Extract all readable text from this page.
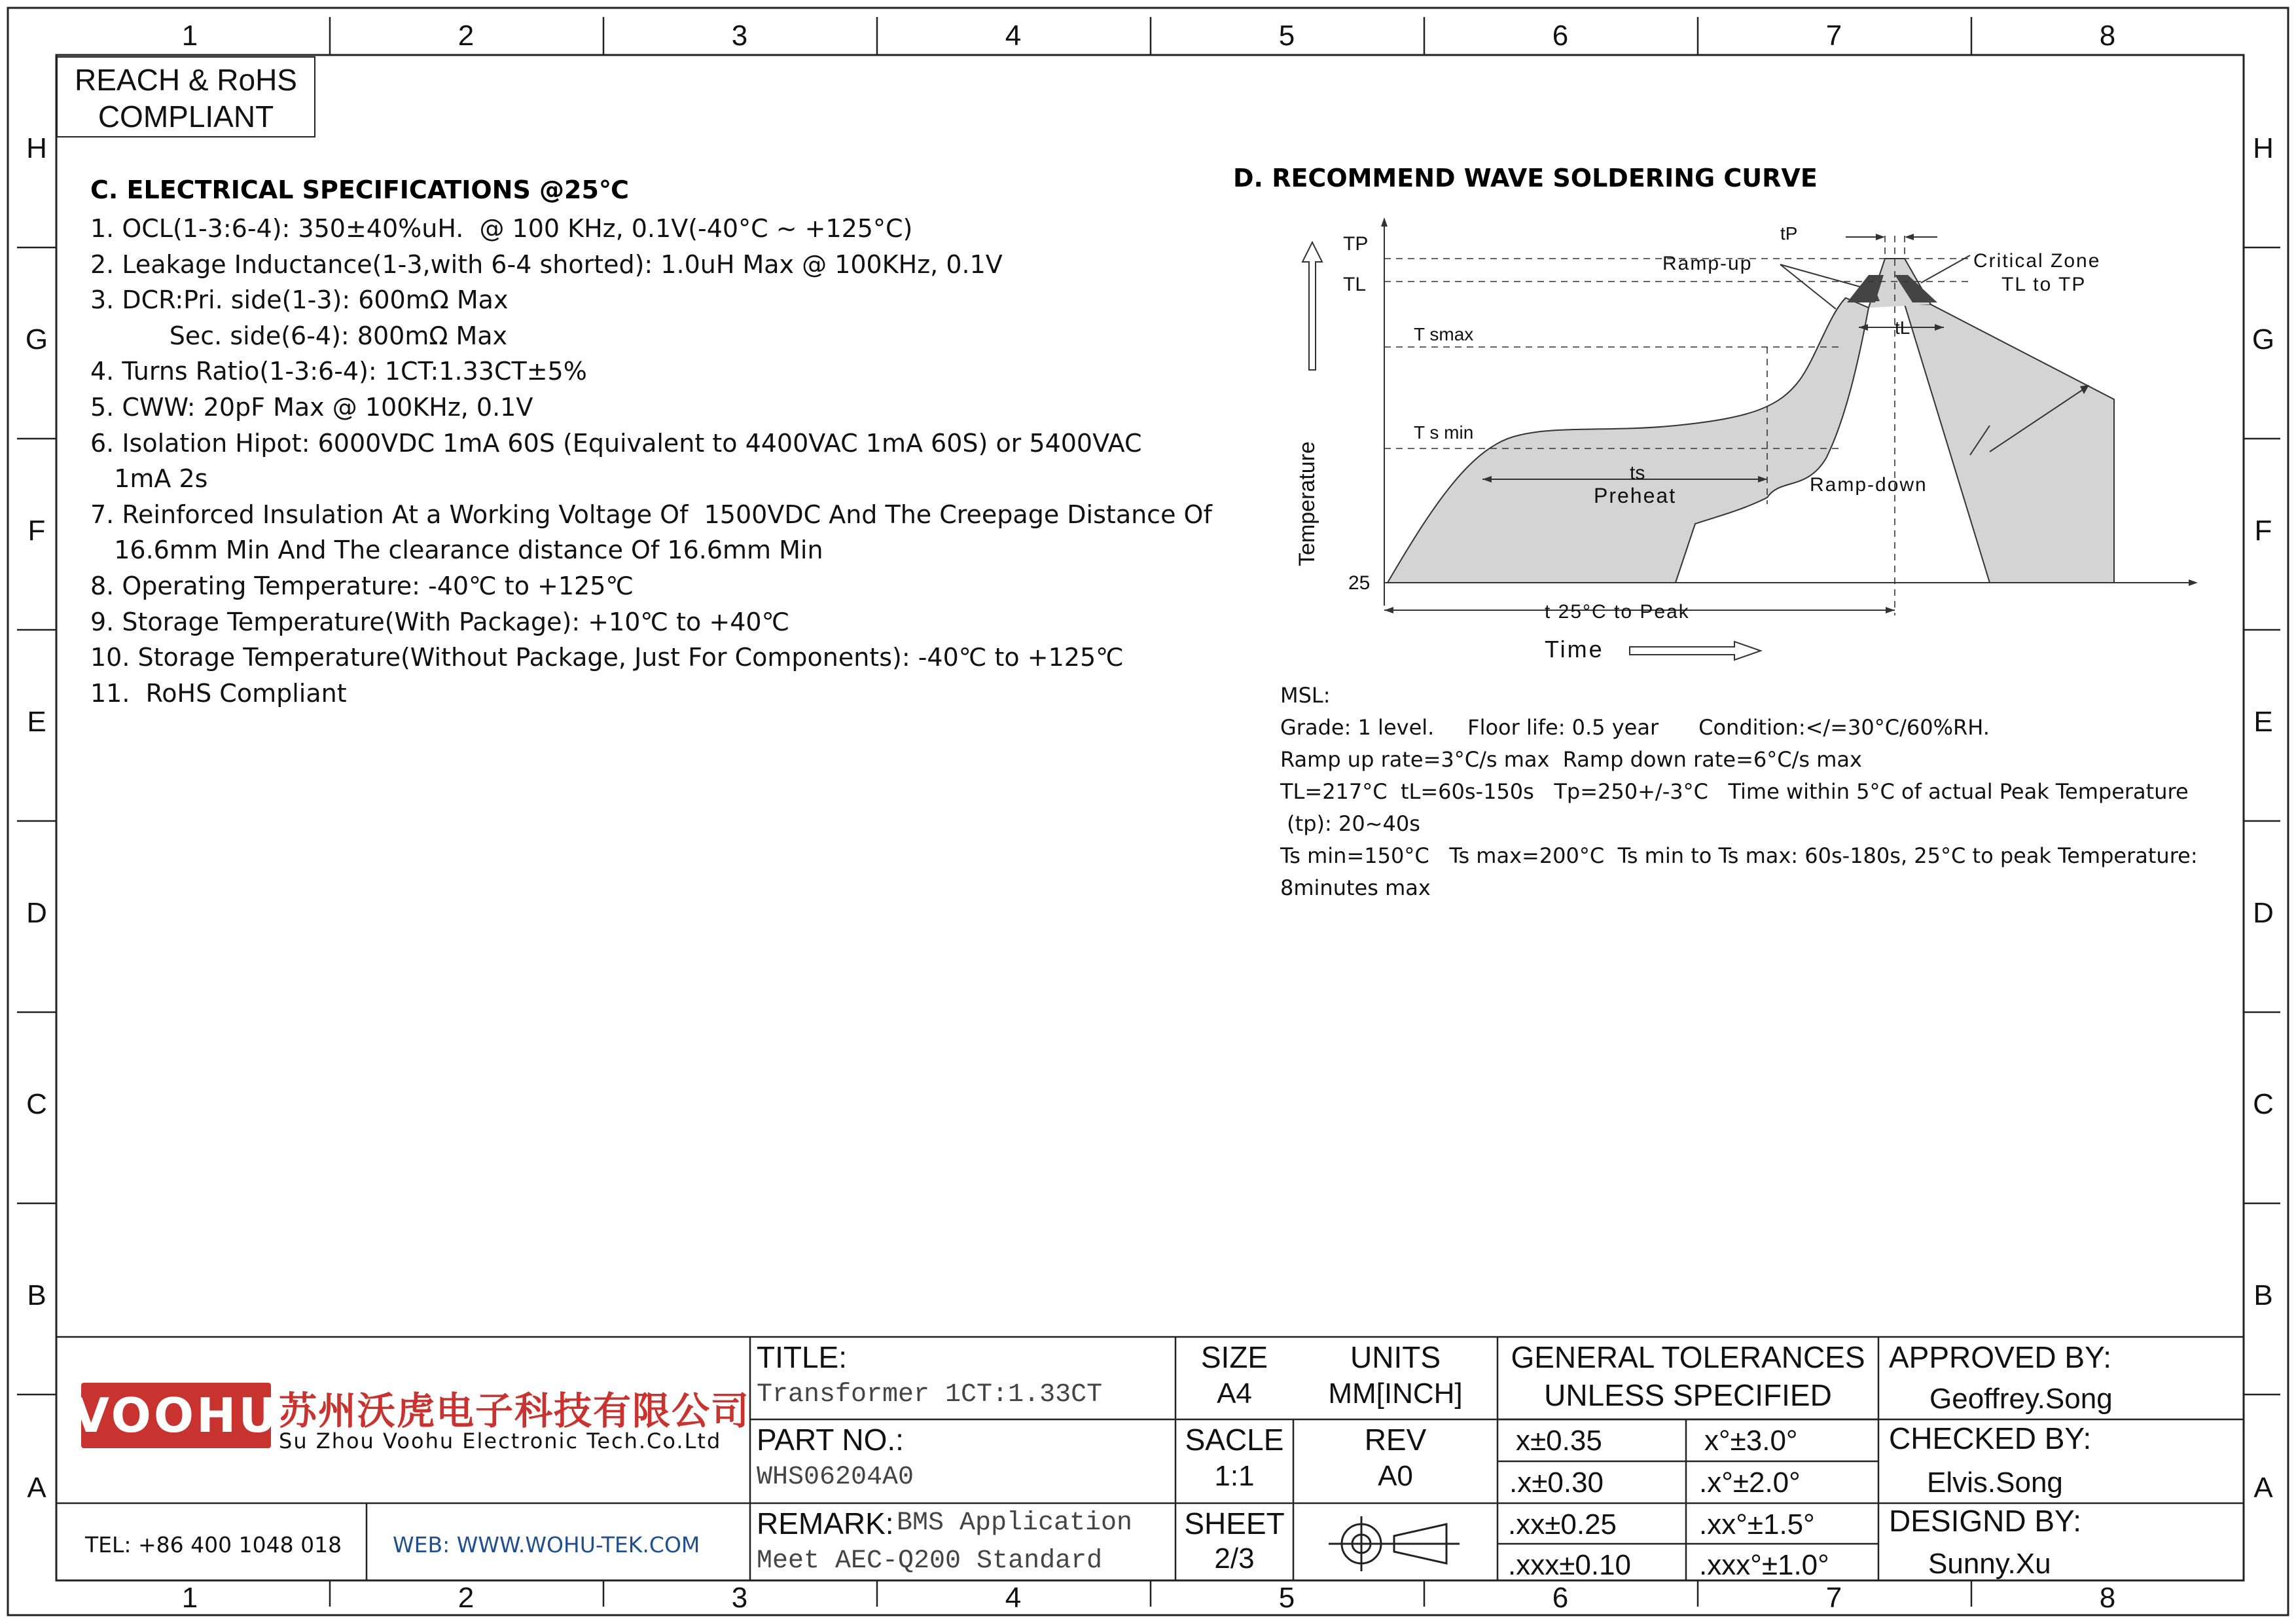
1	2	3	4	5	6	7	8
1	2	3	4	5	6	7	8
H
G
F
E
D
C
B
A
H
G
F
E
D
C
B
A
REACH & RoHS
COMPLIANT
C. ELECTRICAL SPECIFICATIONS @25℃
1. OCL(1-3:6-4): 350±40%uH.  @ 100 KHz, 0.1V(-40°C ~ +125°C)
2. Leakage Inductance(1-3,with 6-4 shorted): 1.0uH Max @ 100KHz, 0.1V
3. DCR:Pri. side(1-3): 600mΩ Max
Sec. side(6-4): 800mΩ Max
4. Turns Ratio(1-3:6-4): 1CT:1.33CT±5%
5. CWW: 20pF Max @ 100KHz, 0.1V
6. Isolation Hipot: 6000VDC 1mA 60S (Equivalent to 4400VAC 1mA 60S) or 5400VAC
1mA 2s
7. Reinforced Insulation At a Working Voltage Of  1500VDC And The Creepage Distance Of
16.6mm Min And The clearance distance Of 16.6mm Min
8. Operating Temperature: -40℃ to +125℃
9. Storage Temperature(With Package): +10℃ to +40℃
10. Storage Temperature(Without Package, Just For Components): -40℃ to +125℃
11.  RoHS Compliant
D. RECOMMEND WAVE SOLDERING CURVE
TP
TL
T smax
T s min
25
tP
tL
ts
Preheat
Ramp-up
Ramp-down
Critical Zone
TL to TP
t 25°C to Peak
Time
Temperature
MSL:
Grade: 1 level.     Floor life: 0.5 year      Condition:</=30°C/60%RH.
Ramp up rate=3°C/s max  Ramp down rate=6°C/s max
TL=217°C  tL=60s-150s   Tp=250+/-3°C   Time within 5°C of actual Peak Temperature
(tp): 20~40s
Ts min=150°C   Ts max=200°C  Ts min to Ts max: 60s-180s, 25°C to peak Temperature:
8minutes max
VOOHU 苏州沃虎电子科技有限公司
Su Zhou Voohu Electronic Tech.Co.Ltd
TEL: +86 400 1048 018 WEB: WWW.WOHU-TEK.COM
TITLE:
Transformer 1CT:1.33CT
PART NO.:
WHS06204A0
REMARK: BMS Application
Meet AEC-Q200 Standard
SIZE
A4
UNITS
MM[INCH]
SACLE
1:1
REV
A0
SHEET
2/3
GENERAL TOLERANCES
UNLESS SPECIFIED
x±0.35	x°±3.0°
.x±0.30	.x°±2.0°
.xx±0.25	.xx°±1.5°
.xxx±0.10 .xxx°±1.0°
APPROVED BY:
Geoffrey.Song
CHECKED BY:
Elvis.Song
DESIGND BY:
Sunny.Xu
